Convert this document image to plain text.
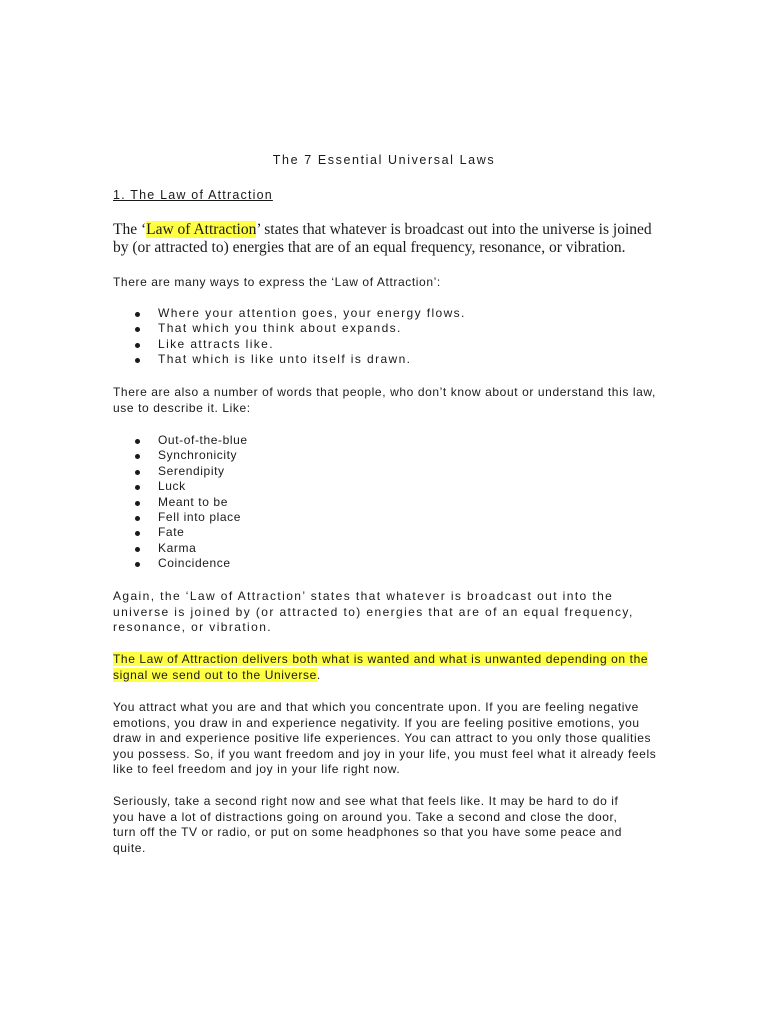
The 7 Essential Universal Laws
1. The Law of Attraction
The ‘Law of Attraction’ states that whatever is broadcast out into the universe is joined by (or attracted to) energies that are of an equal frequency, resonance, or vibration.
There are many ways to express the ‘Law of Attraction’:
Where your attention goes, your energy flows.
That which you think about expands.
Like attracts like.
That which is like unto itself is drawn.
There are also a number of words that people, who don’t know about or understand this law, use to describe it. Like:
Out-of-the-blue
Synchronicity
Serendipity
Luck
Meant to be
Fell into place
Fate
Karma
Coincidence
Again, the ‘Law of Attraction’ states that whatever is broadcast out into the universe is joined by (or attracted to) energies that are of an equal frequency, resonance, or vibration.
The Law of Attraction delivers both what is wanted and what is unwanted depending on the signal we send out to the Universe.
You attract what you are and that which you concentrate upon. If you are feeling negative emotions, you draw in and experience negativity. If you are feeling positive emotions, you draw in and experience positive life experiences. You can attract to you only those qualities you possess. So, if you want freedom and joy in your life, you must feel what it already feels like to feel freedom and joy in your life right now.
Seriously, take a second right now and see what that feels like. It may be hard to do if you have a lot of distractions going on around you. Take a second and close the door, turn off the TV or radio, or put on some headphones so that you have some peace and quite.
